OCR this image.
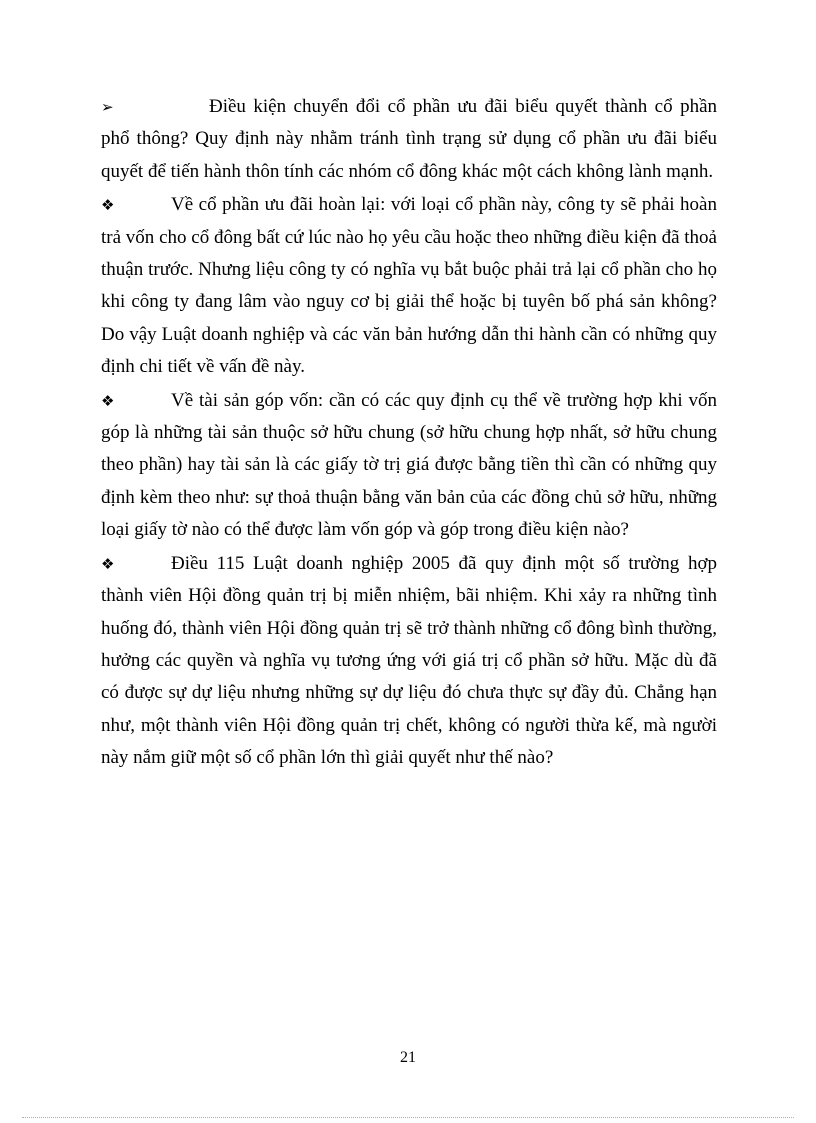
➢	Điều kiện chuyển đổi cổ phần ưu đãi biểu quyết thành cổ phần phổ thông? Quy định này nhằm tránh tình trạng sử dụng cổ phần ưu đãi biểu quyết để tiến hành thôn tính các nhóm cổ đông khác một cách không lành mạnh.

❖	Về cổ phần ưu đãi hoàn lại: với loại cổ phần này, công ty sẽ phải hoàn trả vốn cho cổ đông bất cứ lúc nào họ yêu cầu hoặc theo những điều kiện đã thoả thuận trước. Nhưng liệu công ty có nghĩa vụ bắt buộc phải trả lại cổ phần cho họ khi công ty đang lâm vào nguy cơ bị giải thể hoặc bị tuyên bố phá sản không? Do vậy Luật doanh nghiệp và các văn bản hướng dẫn thi hành cần có những quy định chi tiết về vấn đề này.

❖	Về tài sản góp vốn: cần có các quy định cụ thể về trường hợp khi vốn góp là những tài sản thuộc sở hữu chung (sở hữu chung hợp nhất, sở hữu chung theo phần) hay tài sản là các giấy tờ trị giá được bằng tiền thì cần có những quy định kèm theo như: sự thoả thuận bằng văn bản của các đồng chủ sở hữu, những loại giấy tờ nào có thể được làm vốn góp và góp trong điều kiện nào?

❖	Điều 115 Luật doanh nghiệp 2005 đã quy định một số trường hợp thành viên Hội đồng quản trị bị miễn nhiệm, bãi nhiệm. Khi xảy ra những tình huống đó, thành viên Hội đồng quản trị sẽ trở thành những cổ đông bình thường, hưởng các quyền và nghĩa vụ tương ứng với giá trị cổ phần sở hữu. Mặc dù đã có được sự dự liệu nhưng những sự dự liệu đó chưa thực sự đầy đủ. Chẳng hạn như, một thành viên Hội đồng quản trị chết, không có người thừa kế, mà người này nắm giữ một số cổ phần lớn thì giải quyết như thế nào?

21
